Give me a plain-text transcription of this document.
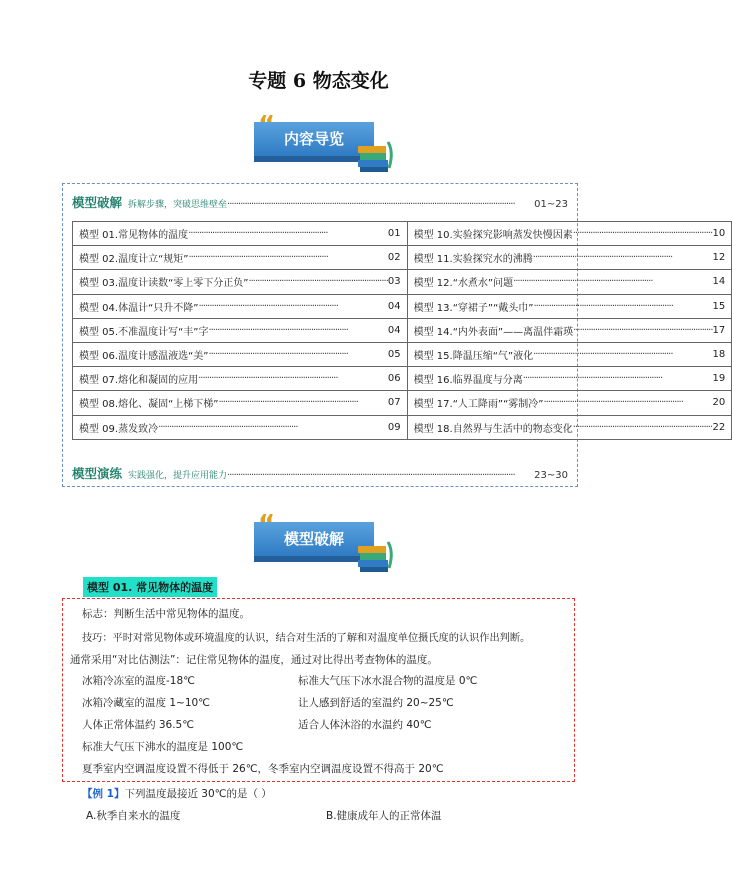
专题 6 物态变化
内容导览
模型破解 拆解步骤，突破思维壁垒 ····································································································································	01~23
模型 01.常见物体的温度 ································································ 01	模型 10.实验探究影响蒸发快慢因素 ································································ 10

模型 02.温度计立“规矩” ································································ 02	模型 11.实验探究水的沸腾 ································································ 12

模型 03.温度计读数“零上零下分正负” ································································ 03	模型 12.“水煮水”问题 ································································ 14

模型 04.体温计“只升不降” ································································ 04	模型 13.“穿裙子”“戴头巾” ································································ 15

模型 05.不准温度计写“丰”字 ································································ 04	模型 14.“内外表面”——离温伴霜瑛 ································································ 17

模型 06.温度计感温液选“美” ································································ 05	模型 15.降温压缩“气”液化 ································································ 18

模型 07.熔化和凝固的应用 ································································ 06	模型 16.临界温度与分离 ································································ 19

模型 08.熔化、凝固“上梯下梯” ································································ 07	模型 17.“人工降雨”“雾制冷” ································································ 20

模型 09.蒸发致冷 ································································ 09	模型 18.自然界与生活中的物态变化 ································································ 22
模型演练 实践强化，提升应用能力 ····································································································································	23~30
模型破解
模型 01. 常见物体的温度
标志：判断生活中常见物体的温度。
技巧：平时对常见物体或环境温度的认识，结合对生活的了解和对温度单位摄氏度的认识作出判断。
通常采用“对比估测法”：记住常见物体的温度，通过对比得出考查物体的温度。
冰箱冷冻室的温度-18℃	标准大气压下冰水混合物的温度是 0℃
冰箱冷藏室的温度 1~10℃	让人感到舒适的室温约 20~25℃
人体正常体温约 36.5℃	适合人体沐浴的水温约 40℃
标准大气压下沸水的温度是 100℃
夏季室内空调温度设置不得低于 26℃，冬季室内空调温度设置不得高于 20℃
【例 1】下列温度最接近 30℃的是（ ）
A.秋季自来水的温度	B.健康成年人的正常体温
